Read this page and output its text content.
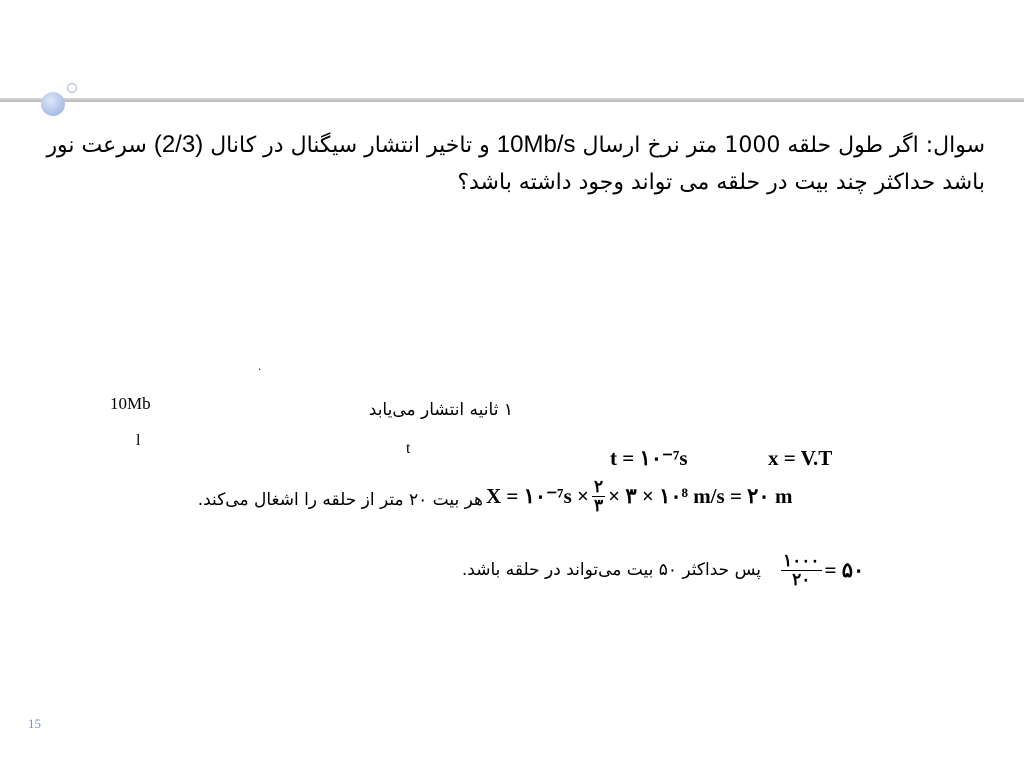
سوال: اگر طول حلقه 1000 متر نرخ ارسال 10Mb/s و تاخیر انتشار سیگنال در کانال (2/3) سرعت نور باشد حداکثر چند بیت در حلقه می تواند وجود داشته باشد؟
.
10Mb
l
۱ ثانیه انتشار می‌یابد
t	t = ۱۰⁻⁷s	x = V.T
هر بیت ۲۰ متر از حلقه را اشغال می‌کند. X = ۱۰⁻⁷ $s \times \frac{۲}{۳}$ × ۳ × ۱۰⁸ m/s = ۲۰ m
پس حداکثر ۵۰ بیت می‌تواند در حلقه باشد. $\frac{۱۰۰۰}{۲۰}$ = ۵۰
15
